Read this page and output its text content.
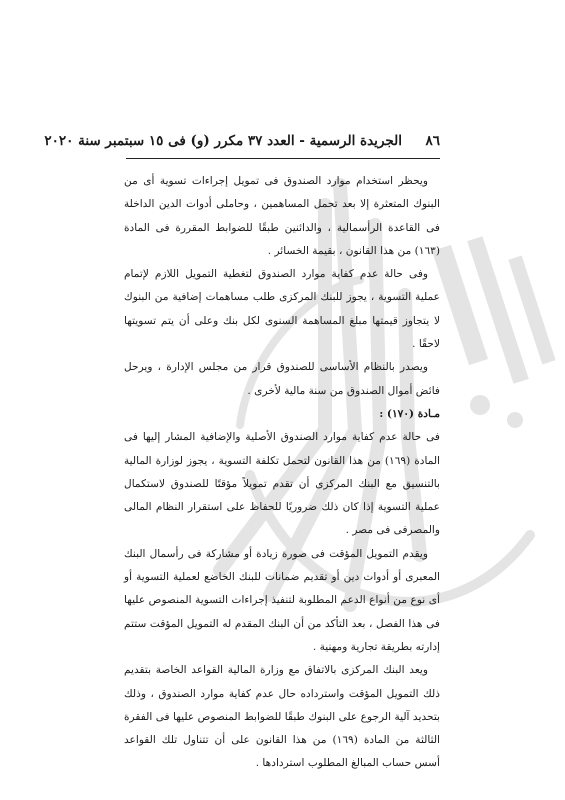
٨٦     الجريدة الرسمية - العدد ٣٧ مكرر (و) فى ١٥ سبتمبر سنة ٢٠٢٠

ويحظر استخدام موارد الصندوق فى تمويل إجراءات تسوية أى من البنوك المتعثرة إلا بعد تحمل المساهمين ، وحاملى أدوات الدين الداخلة فى القاعدة الرأسمالية ، والدائنين طبقًا للضوابط المقررة فى المادة (١٦٣) من هذا القانون ، بقيمة الخسائر .

وفى حالة عدم كفاية موارد الصندوق لتغطية التمويل اللازم لإتمام عملية التسوية ، يجوز للبنك المركزى طلب مساهمات إضافية من البنوك لا يتجاوز قيمتها مبلغ المساهمة السنوى لكل بنك وعلى أن يتم تسويتها لاحقًا .

ويصدر بالنظام الأساسى للصندوق قرار من مجلس الإدارة ، ويرحل فائض أموال الصندوق من سنة مالية لأخرى .

مـادة (١٧٠) :

فى حالة عدم كفاية موارد الصندوق الأصلية والإضافية المشار إليها فى المادة (١٦٩) من هذا القانون لتحمل تكلفة التسوية ، يجوز لوزارة المالية بالتنسيق مع البنك المركزى أن تقدم تمويلاً مؤقتًا للصندوق لاستكمال عملية التسوية إذا كان ذلك ضروريًا للحفاظ على استقرار النظام المالى والمصرفى فى مصر .

ويقدم التمويل المؤقت فى صورة زيادة أو مشاركة فى رأسمال البنك المعبرى أو أدوات دين أو تقديم ضمانات للبنك الخاضع لعملية التسوية أو أى نوع من أنواع الدعم المطلوبة لتنفيذ إجراءات التسوية المنصوص عليها فى هذا الفصل ، بعد التأكد من أن البنك المقدم له التمويل المؤقت ستتم إدارته بطريقة تجارية ومهنية .

ويعد البنك المركزى بالاتفاق مع وزارة المالية القواعد الخاصة بتقديم ذلك التمويل المؤقت واسترداده حال عدم كفاية موارد الصندوق ، وذلك بتحديد آلية الرجوع على البنوك طبقًا للضوابط المنصوص عليها فى الفقرة الثالثة من المادة (١٦٩) من هذا القانون على أن تتناول تلك القواعد أسس حساب المبالغ المطلوب استردادها .
